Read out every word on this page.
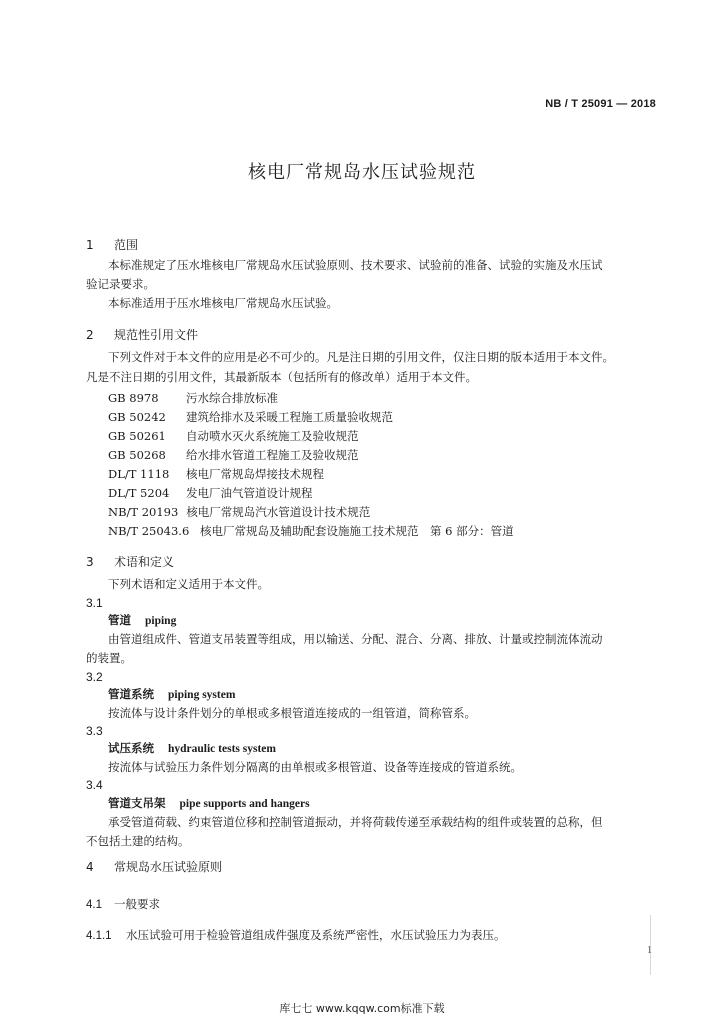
NB / T 25091 — 2018
核电厂常规岛水压试验规范
1 范围
本标准规定了压水堆核电厂常规岛水压试验原则、技术要求、试验前的准备、试验的实施及水压试
验记录要求。
本标准适用于压水堆核电厂常规岛水压试验。
2 规范性引用文件
下列文件对于本文件的应用是必不可少的。凡是注日期的引用文件，仅注日期的版本适用于本文件。
凡是不注日期的引用文件，其最新版本（包括所有的修改单）适用于本文件。
GB 8978 污水综合排放标准
GB 50242 建筑给排水及采暖工程施工质量验收规范
GB 50261 自动喷水灭火系统施工及验收规范
GB 50268 给水排水管道工程施工及验收规范
DL/T 1118 核电厂常规岛焊接技术规程
DL/T 5204 发电厂油气管道设计规程
NB/T 20193 核电厂常规岛汽水管道设计技术规范
NB/T 25043.6 核电厂常规岛及辅助配套设施施工技术规范　第 6 部分：管道
3 术语和定义
下列术语和定义适用于本文件。
3.1
管道 piping
由管道组成件、管道支吊装置等组成，用以输送、分配、混合、分离、排放、计量或控制流体流动
的装置。
3.2
管道系统 piping system
按流体与设计条件划分的单根或多根管道连接成的一组管道，简称管系。
3.3
试压系统 hydraulic tests system
按流体与试验压力条件划分隔离的由单根或多根管道、设备等连接成的管道系统。
3.4
管道支吊架 pipe supports and hangers
承受管道荷载、约束管道位移和控制管道振动，并将荷载传递至承载结构的组件或装置的总称，但
不包括土建的结构。
4 常规岛水压试验原则
4.1 一般要求
4.1.1 水压试验可用于检验管道组成件强度及系统严密性，水压试验压力为表压。
1
库七七 www.kqqw.com标准下载
